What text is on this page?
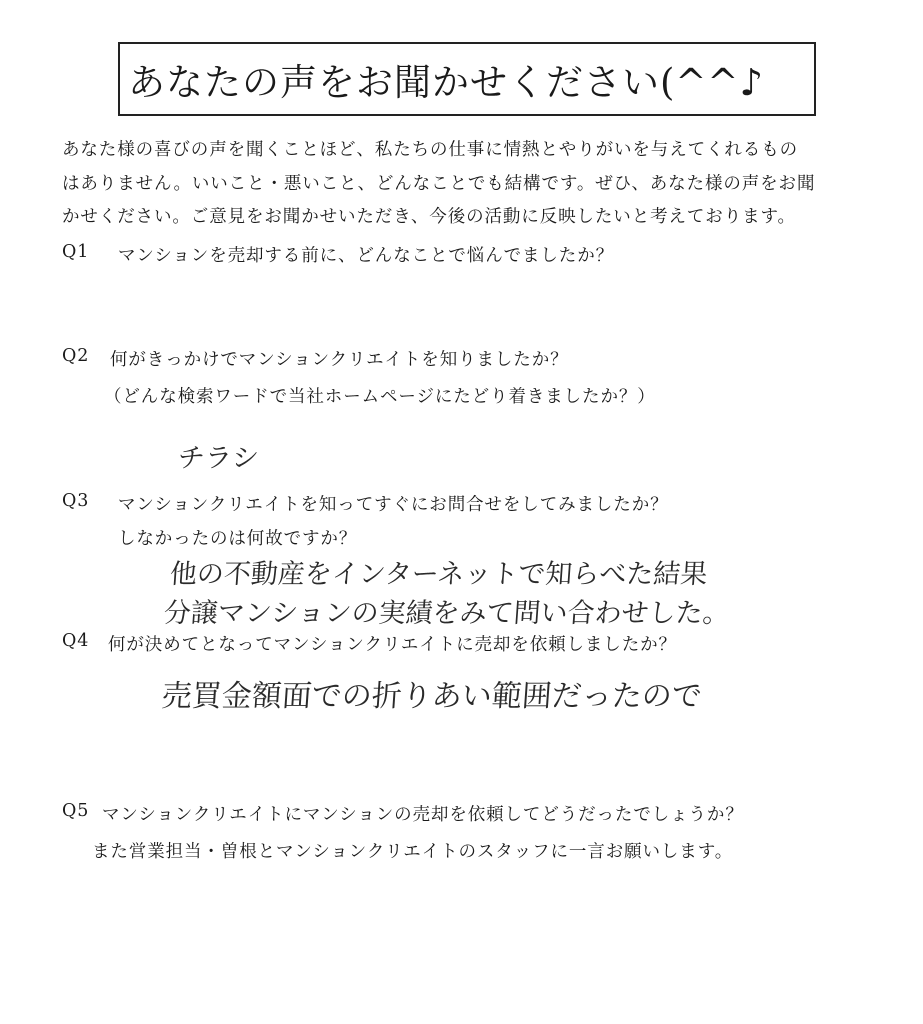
あなたの声をお聞かせください(^^♪
あなた様の喜びの声を聞くことほど、私たちの仕事に情熱とやりがいを与えてくれるもの
はありません。いいこと・悪いこと、どんなことでも結構です。ぜひ、あなた様の声をお聞
かせください。ご意見をお聞かせいただき、今後の活動に反映したいと考えております。
Q1 マンションを売却する前に、どんなことで悩んでましたか？
Q2 何がきっかけでマンションクリエイトを知りましたか？
（どんな検索ワードで当社ホームページにたどり着きましたか？）
チラシ
Q3 マンションクリエイトを知ってすぐにお問合せをしてみましたか？
しなかったのは何故ですか？
他の不動産をインターネットで知らべた結果
分譲マンションの実績をみて問い合わせした。
Q4 何が決めてとなってマンションクリエイトに売却を依頼しましたか？
売買金額面での折りあい範囲だったので
Q5 マンションクリエイトにマンションの売却を依頼してどうだったでしょうか？
また営業担当・曽根とマンションクリエイトのスタッフに一言お願いします。
